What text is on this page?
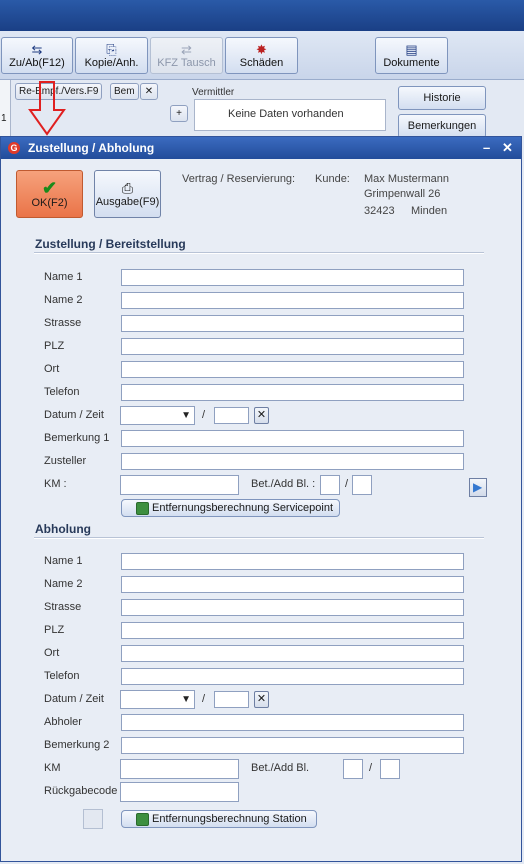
⇆
Zu/Ab(F12)
⎘
Kopie/Anh.
⇄
KFZ Tausch
✸
Schäden
▤
Dokumente
1
Re-Empf./Vers.F9	Bem	✕	Vermittler
Keine Daten vorhanden
+
Historie
Bemerkungen
G Zustellung / Abholung	– ✕
✔
OK(F2)
⎙
Ausgabe(F9)
Vertrag / Reservierung: Kunde: Max Mustermann
Grimpenwall 26
32423 Minden
Zustellung / Bereitstellung
Name 1
Name 2
Strasse
PLZ
Ort
Telefon
Datum / Zeit	▼ /	✕
Bemerkung 1
Zusteller
KM :	Bet./Add Bl. :	/	▶
Entfernungsberechnung Servicepoint
Abholung
Name 1
Name 2
Strasse
PLZ
Ort
Telefon
Datum / Zeit	▼ /	✕
Abholer
Bemerkung 2
KM	Bet./Add Bl.	/
Rückgabecode
Entfernungsberechnung Station
